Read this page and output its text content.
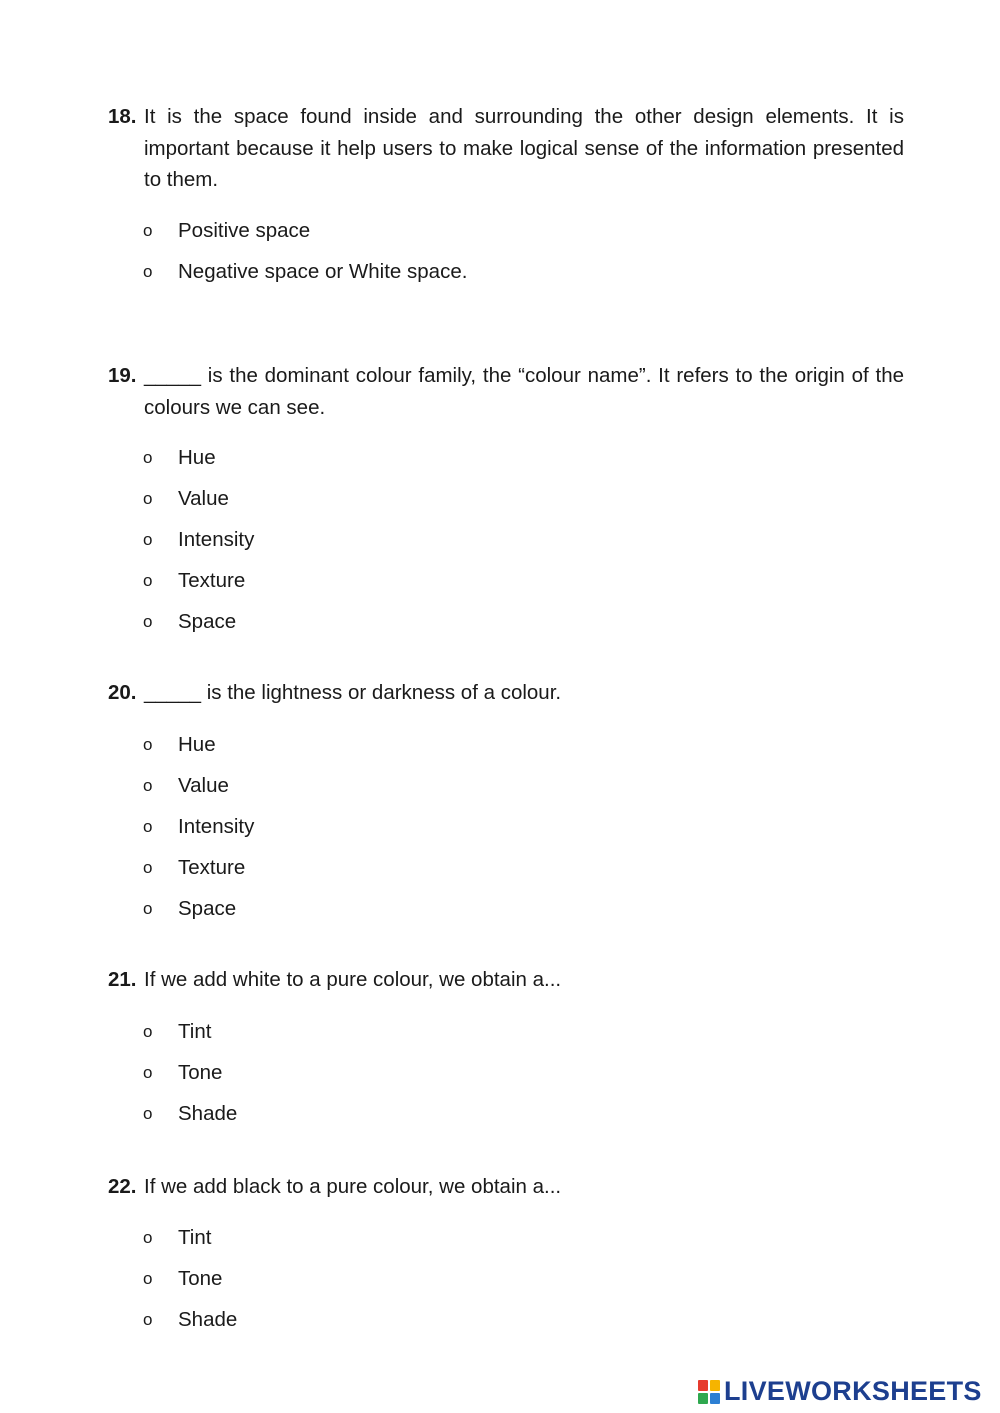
18. It is the space found inside and surrounding the other design elements. It is important because it help users to make logical sense of the information presented to them.
o	Positive space
o	Negative space or White space.
19. _____ is the dominant colour family, the “colour name”. It refers to the origin of the colours we can see.
o	Hue
o	Value
o	Intensity
o	Texture
o	Space
20. _____ is the lightness or darkness of a colour.
o	Hue
o	Value
o	Intensity
o	Texture
o	Space
21. If we add white to a pure colour, we obtain a...
o	Tint
o	Tone
o	Shade
22. If we add black to a pure colour, we obtain a...
o	Tint
o	Tone
o	Shade
LIVEWORKSHEETS
